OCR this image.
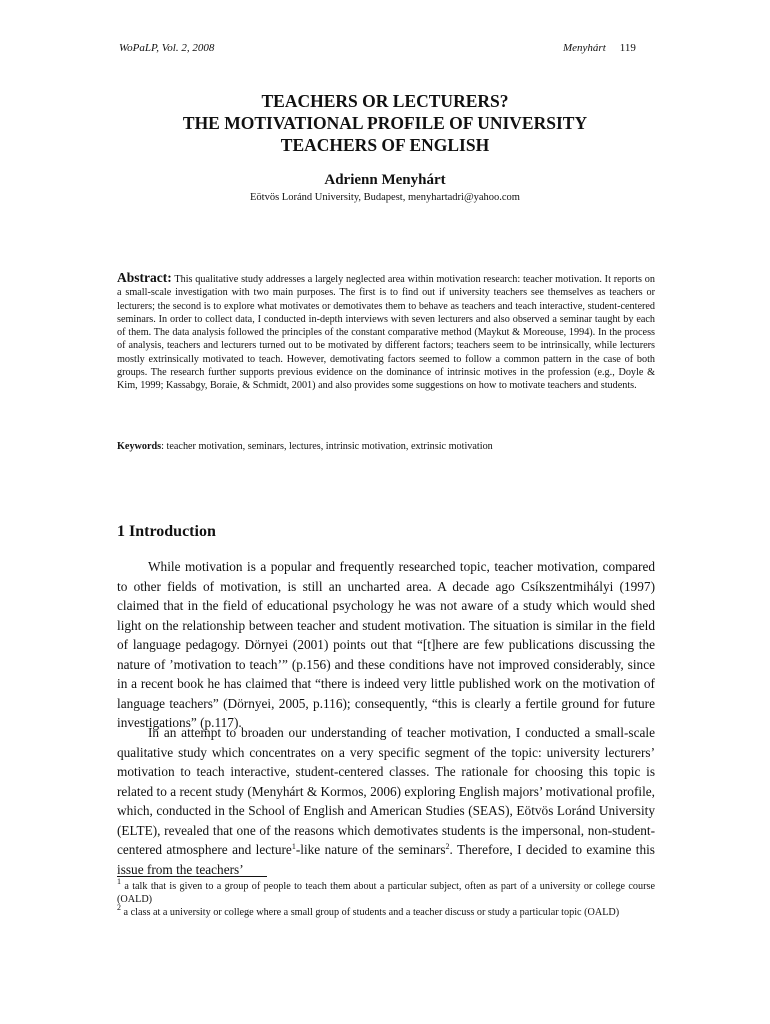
WoPaLP, Vol. 2, 2008	Menyhárt 119
TEACHERS OR LECTURERS?
THE MOTIVATIONAL PROFILE OF UNIVERSITY
TEACHERS OF ENGLISH
Adrienn Menyhárt
Eötvös Loránd University, Budapest, menyhartadri@yahoo.com

Abstract: This qualitative study addresses a largely neglected area within motivation research: teacher motivation. It reports on a small-scale investigation with two main purposes. The first is to find out if university teachers see themselves as teachers or lecturers; the second is to explore what motivates or demotivates them to behave as teachers and teach interactive, student-centered seminars. In order to collect data, I conducted in-depth interviews with seven lecturers and also observed a seminar taught by each of them. The data analysis followed the principles of the constant comparative method (Maykut & Moreouse, 1994). In the process of analysis, teachers and lecturers turned out to be motivated by different factors; teachers seem to be intrinsically, while lecturers mostly extrinsically motivated to teach. However, demotivating factors seemed to follow a common pattern in the case of both groups. The research further supports previous evidence on the dominance of intrinsic motives in the profession (e.g., Doyle & Kim, 1999; Kassabgy, Boraie, & Schmidt, 2001) and also provides some suggestions on how to motivate teachers and students.

Keywords: teacher motivation, seminars, lectures, intrinsic motivation, extrinsic motivation

1 Introduction

While motivation is a popular and frequently researched topic, teacher motivation, compared to other fields of motivation, is still an uncharted area. A decade ago Csíkszentmihályi (1997) claimed that in the field of educational psychology he was not aware of a study which would shed light on the relationship between teacher and student motivation. The situation is similar in the field of language pedagogy. Dörnyei (2001) points out that “[t]here are few publications discussing the nature of ’motivation to teach’” (p.156) and these conditions have not improved considerably, since in a recent book he has claimed that “there is indeed very little published work on the motivation of language teachers” (Dörnyei, 2005, p.116); consequently, “this is clearly a fertile ground for future investigations” (p.117).

In an attempt to broaden our understanding of teacher motivation, I conducted a small-scale qualitative study which concentrates on a very specific segment of the topic: university lecturers’ motivation to teach interactive, student-centered classes. The rationale for choosing this topic is related to a recent study (Menyhárt & Kormos, 2006) exploring English majors’ motivational profile, which, conducted in the School of English and American Studies (SEAS), Eötvös Loránd University (ELTE), revealed that one of the reasons which demotivates students is the impersonal, non-student-centered atmosphere and lecture$^1$-like nature of the seminars$^2$. Therefore, I decided to examine this issue from the teachers’

$^1$ a talk that is given to a group of people to teach them about a particular subject, often as part of a university or college course (OALD)

$^2$ a class at a university or college where a small group of students and a teacher discuss or study a particular topic (OALD)
